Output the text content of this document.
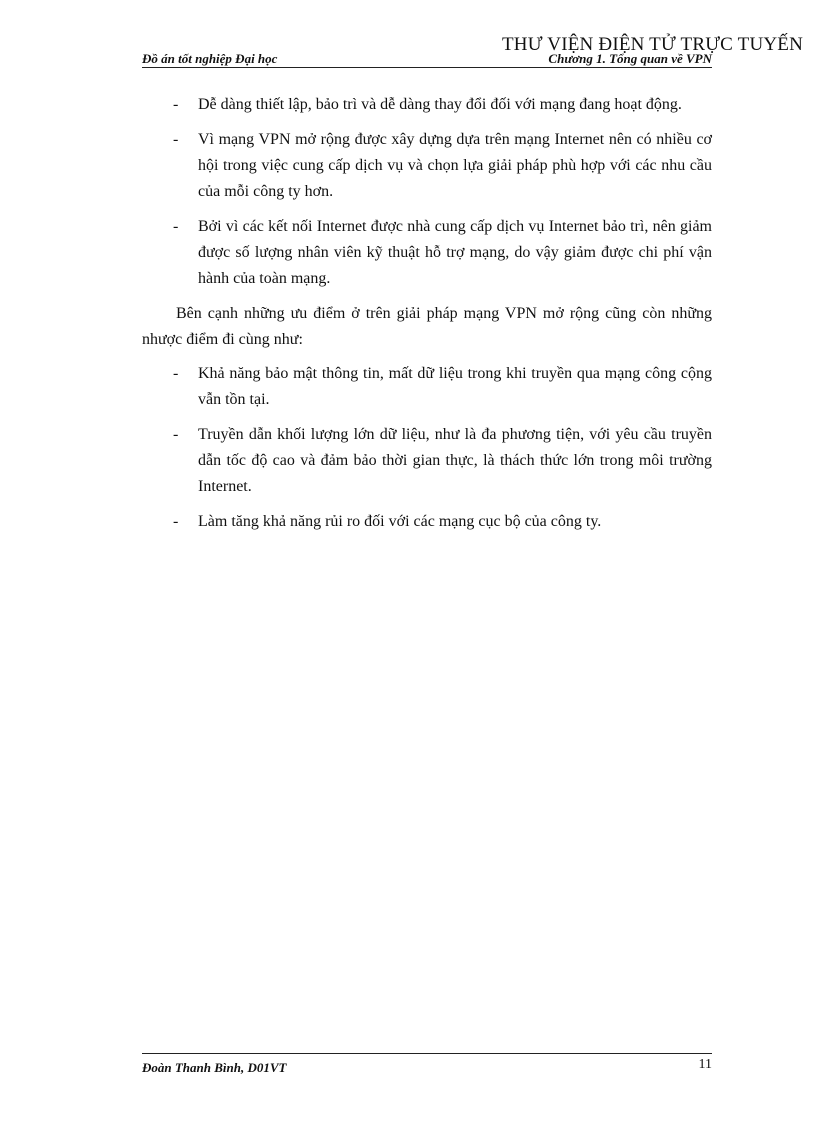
THƯ VIỆN ĐIỆN TỬ TRỰC TUYẾN
Đồ án tốt nghiệp Đại học	Chương 1. Tổng quan về VPN
- Dễ dàng thiết lập, bảo trì và dễ dàng thay đổi đối với mạng đang hoạt động.
- Vì mạng VPN mở rộng được xây dựng dựa trên mạng Internet nên có nhiều cơ hội trong việc cung cấp dịch vụ và chọn lựa giải pháp phù hợp với các nhu cầu của mỗi công ty hơn.
- Bởi vì các kết nối Internet được nhà cung cấp dịch vụ Internet bảo trì, nên giảm được số lượng nhân viên kỹ thuật hỗ trợ mạng, do vậy giảm được chi phí vận hành của toàn mạng.
Bên cạnh những ưu điểm ở trên giải pháp mạng VPN mở rộng cũng còn những nhược điểm đi cùng như:
- Khả năng bảo mật thông tin, mất dữ liệu trong khi truyền qua mạng công cộng vẫn tồn tại.
- Truyền dẫn khối lượng lớn dữ liệu, như là đa phương tiện, với yêu cầu truyền dẫn tốc độ cao và đảm bảo thời gian thực, là thách thức lớn trong môi trường Internet.
- Làm tăng khả năng rủi ro đối với các mạng cục bộ của công ty.
Đoàn Thanh Bình, D01VT	11
